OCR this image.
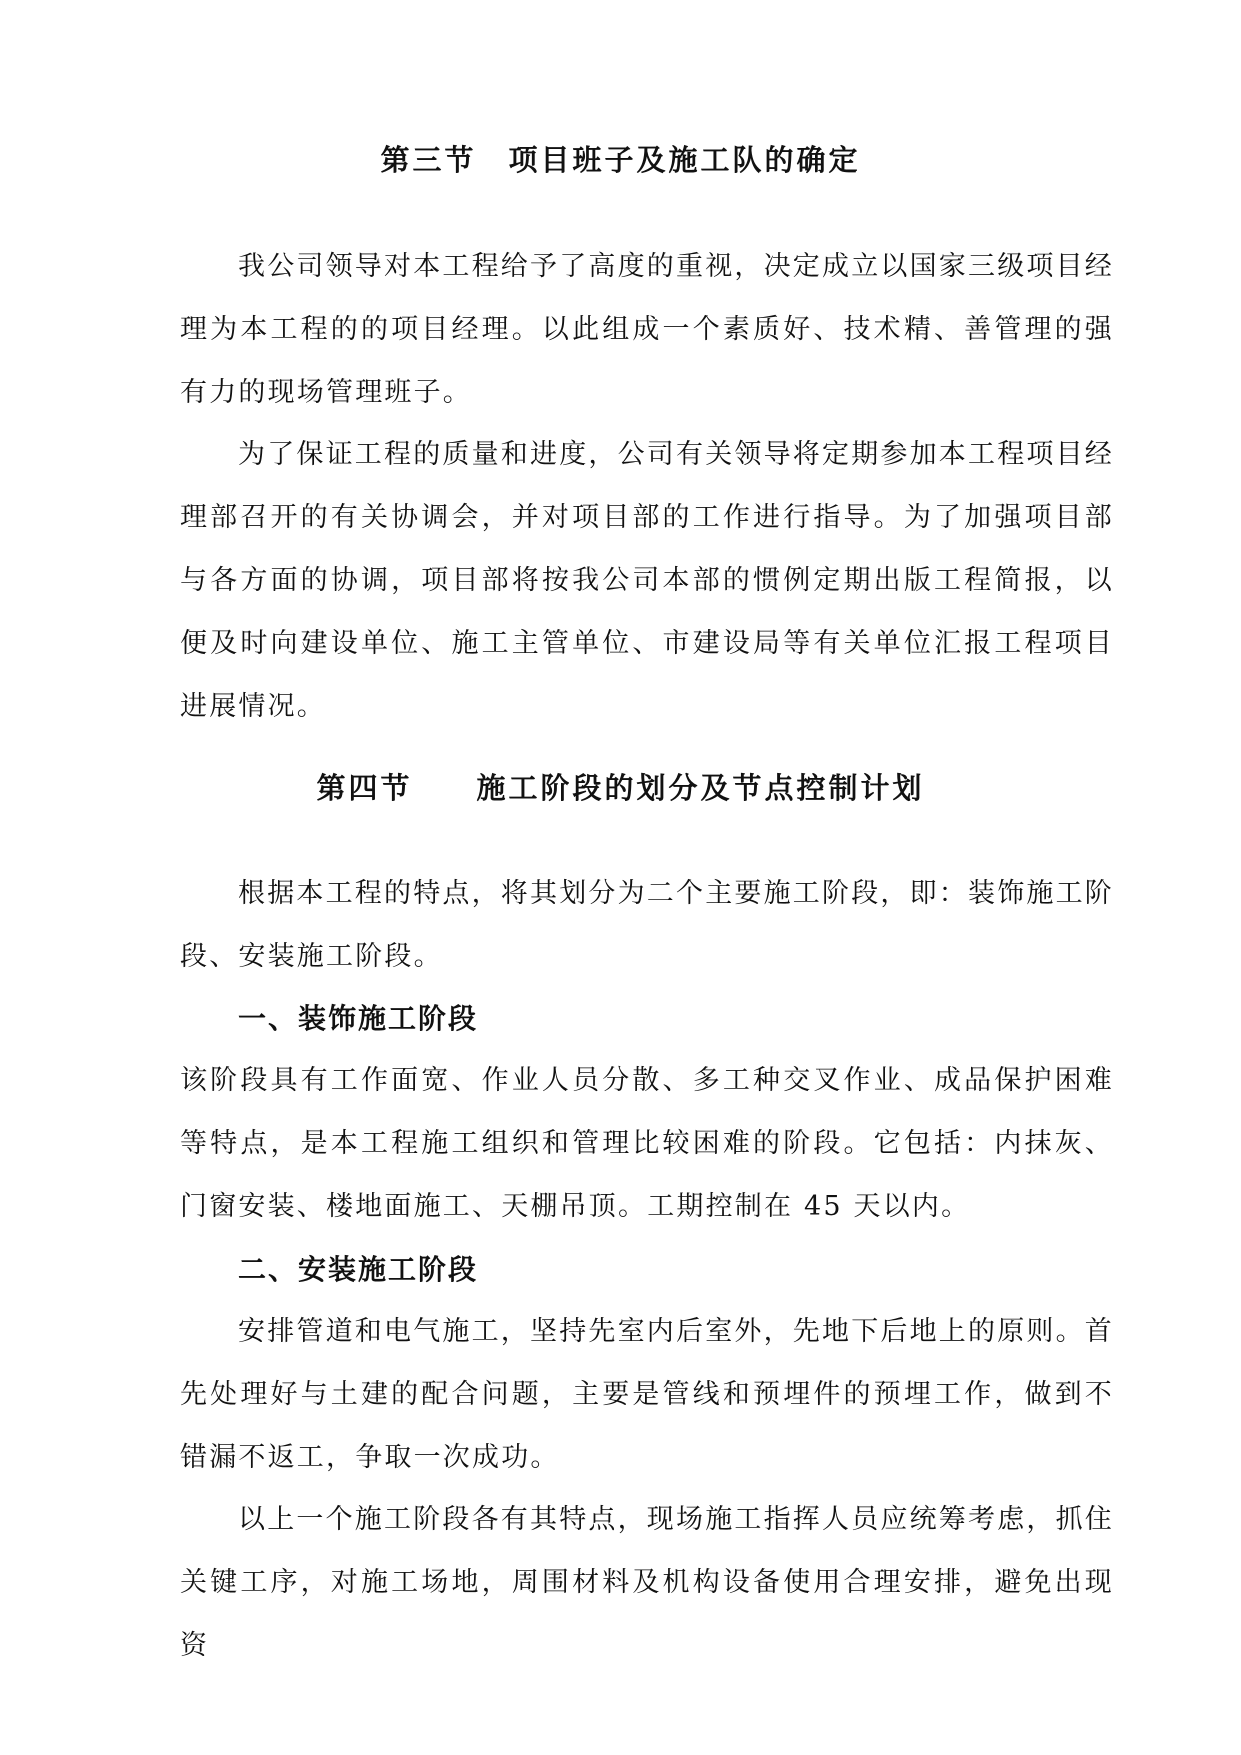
第三节　项目班子及施工队的确定
我公司领导对本工程给予了高度的重视，决定成立以国家三级项目经理为本工程的的项目经理。以此组成一个素质好、技术精、善管理的强有力的现场管理班子。
为了保证工程的质量和进度，公司有关领导将定期参加本工程项目经理部召开的有关协调会，并对项目部的工作进行指导。为了加强项目部与各方面的协调，项目部将按我公司本部的惯例定期出版工程简报，以便及时向建设单位、施工主管单位、市建设局等有关单位汇报工程项目进展情况。
第四节　　施工阶段的划分及节点控制计划
根据本工程的特点，将其划分为二个主要施工阶段，即：装饰施工阶段、安装施工阶段。
一、装饰施工阶段
该阶段具有工作面宽、作业人员分散、多工种交叉作业、成品保护困难等特点，是本工程施工组织和管理比较困难的阶段。它包括：内抹灰、门窗安装、楼地面施工、天棚吊顶。工期控制在 45 天以内。
二、安装施工阶段
安排管道和电气施工，坚持先室内后室外，先地下后地上的原则。首先处理好与土建的配合问题，主要是管线和预埋件的预埋工作，做到不错漏不返工，争取一次成功。
以上一个施工阶段各有其特点，现场施工指挥人员应统筹考虑，抓住关键工序，对施工场地，周围材料及机构设备使用合理安排，避免出现资
